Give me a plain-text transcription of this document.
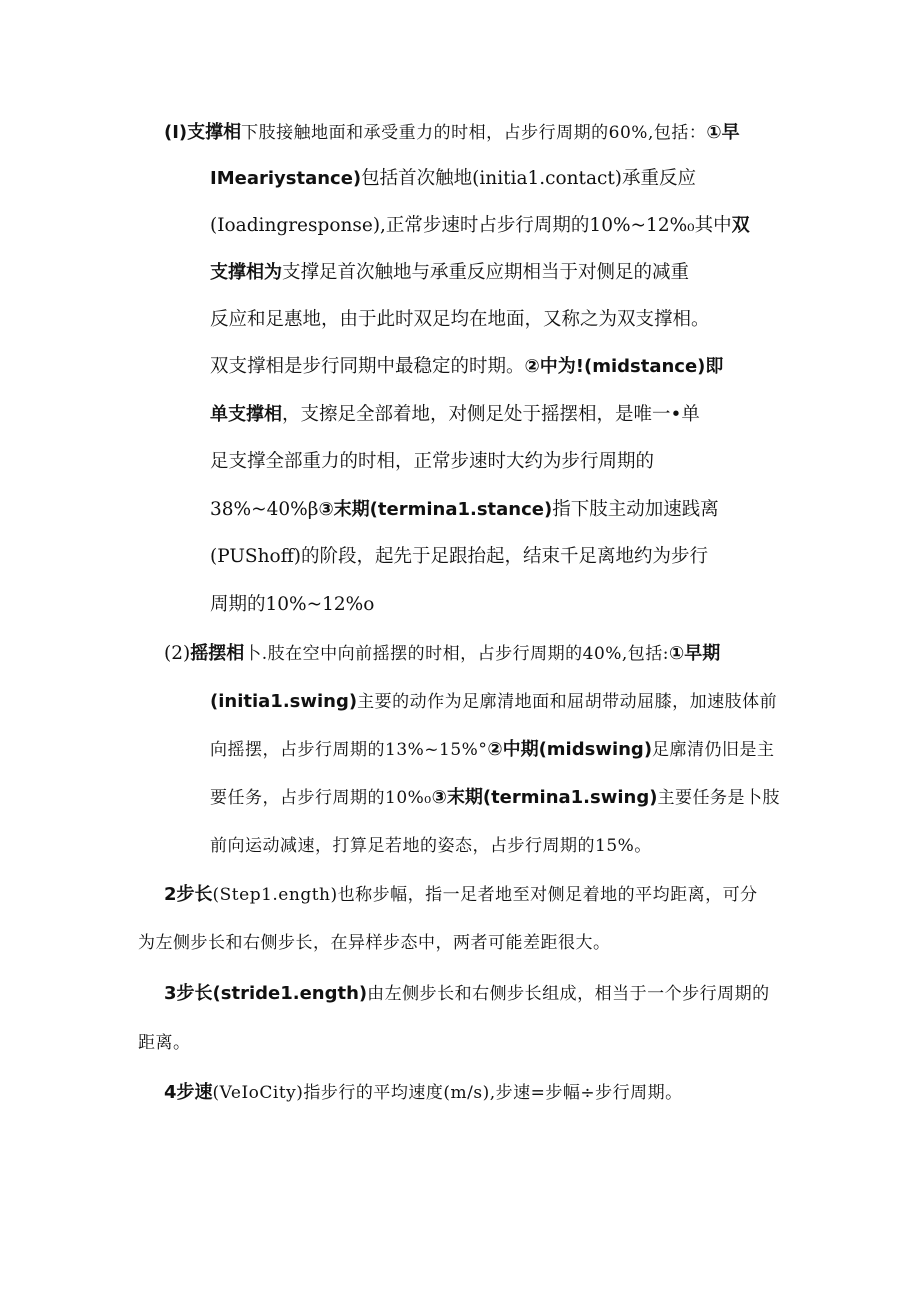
(I)支撑相下肢接触地面和承受重力的时相，占步行周期的60%,包括：①早
IMeariystance)包括首次触地(initia1.contact)承重反应
(Ioadingresponse),正常步速时占步行周期的10%~12%₀其中双
支撑相为支撑足首次触地与承重反应期相当于对侧足的减重
反应和足惠地，由于此时双足均在地面，又称之为双支撑相。
双支撑相是步行同期中最稳定的时期。②中为!(midstance)即
单支撑相，支擦足全部着地，对侧足处于摇摆相，是唯一•单
足支撑全部重力的时相，正常步速时大约为步行周期的
38%~40%β③末期(termina1.stance)指下肢主动加速践离
(PUShoff)的阶段，起先于足跟抬起，结束千足离地约为步行
周期的10%~12%o
(2)摇摆相卜.肢在空中向前摇摆的时相，占步行周期的40%,包括:①早期
(initia1.swing)主要的动作为足廓清地面和屈胡带动屈膝，加速肢体前
向摇摆，占步行周期的13%~15%°②中期(midswing)足廓清仍旧是主
要任务，占步行周期的10%₀③末期(termina1.swing)主要任务是卜肢
前向运动减速，打算足若地的姿态，占步行周期的15%。
2步长(Step1.ength)也称步幅，指一足者地至对侧足着地的平均距离，可分
为左侧步长和右侧步长，在异样步态中，两者可能差距很大。
3步长(stride1.ength)由左侧步长和右侧步长组成，相当于一个步行周期的
距离。
4步速(VeIoCity)指步行的平均速度(m/s),步速=步幅÷步行周期。
